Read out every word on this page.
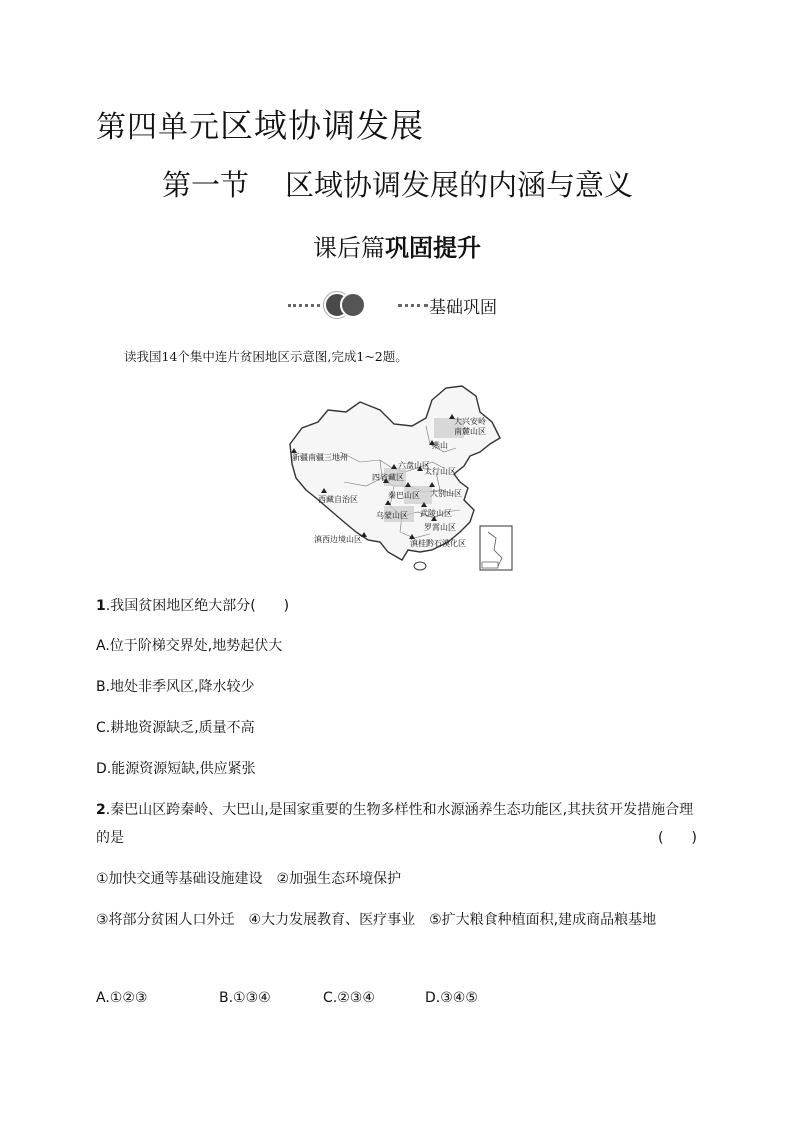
第四单元区域协调发展
第一节 区域协调发展的内涵与意义
课后篇巩固提升
基础巩固
读我国14个集中连片贫困地区示意图,完成1~2题。
大兴安岭
南麓山区
燕山
新疆南疆三地州
六盘山区
太行山区
四省藏区
秦巴山区 大别山区
西藏自治区
乌蒙山区 武陵山区
罗霄山区
滇西边境山区	滇桂黔石漠化区
1.我国贫困地区绝大部分(　　)
A.位于阶梯交界处,地势起伏大
B.地处非季风区,降水较少
C.耕地资源缺乏,质量不高
D.能源资源短缺,供应紧张
2.秦巴山区跨秦岭、大巴山,是国家重要的生物多样性和水源涵养生态功能区,其扶贫开发措施合理
的是	(　　)
①加快交通等基础设施建设　②加强生态环境保护
③将部分贫困人口外迁　④大力发展教育、医疗事业　⑤扩大粮食种植面积,建成商品粮基地
A.①②③	B.①③④	C.②③④	D.③④⑤
